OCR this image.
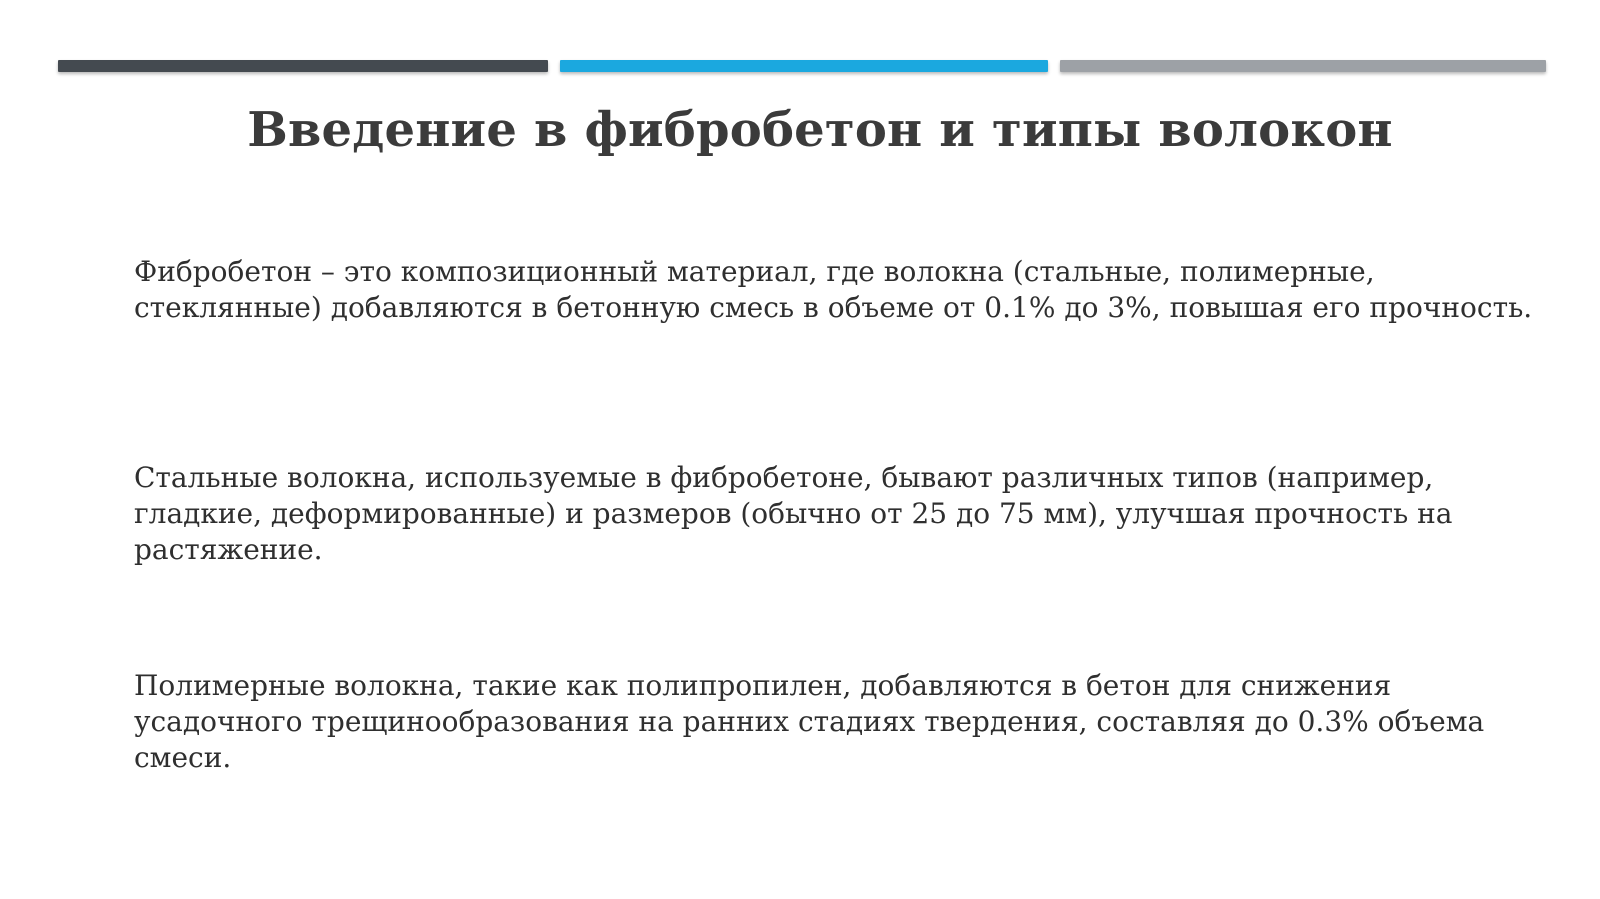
Введение в фибробетон и типы волокон

Фибробетон – это композиционный материал, где волокна (стальные, полимерные, стеклянные) добавляются в бетонную смесь в объеме от 0.1% до 3%, повышая его прочность.

Стальные волокна, используемые в фибробетоне, бывают различных типов (например, гладкие, деформированные) и размеров (обычно от 25 до 75 мм), улучшая прочность на растяжение.

Полимерные волокна, такие как полипропилен, добавляются в бетон для снижения усадочного трещинообразования на ранних стадиях твердения, составляя до 0.3% объема смеси.
